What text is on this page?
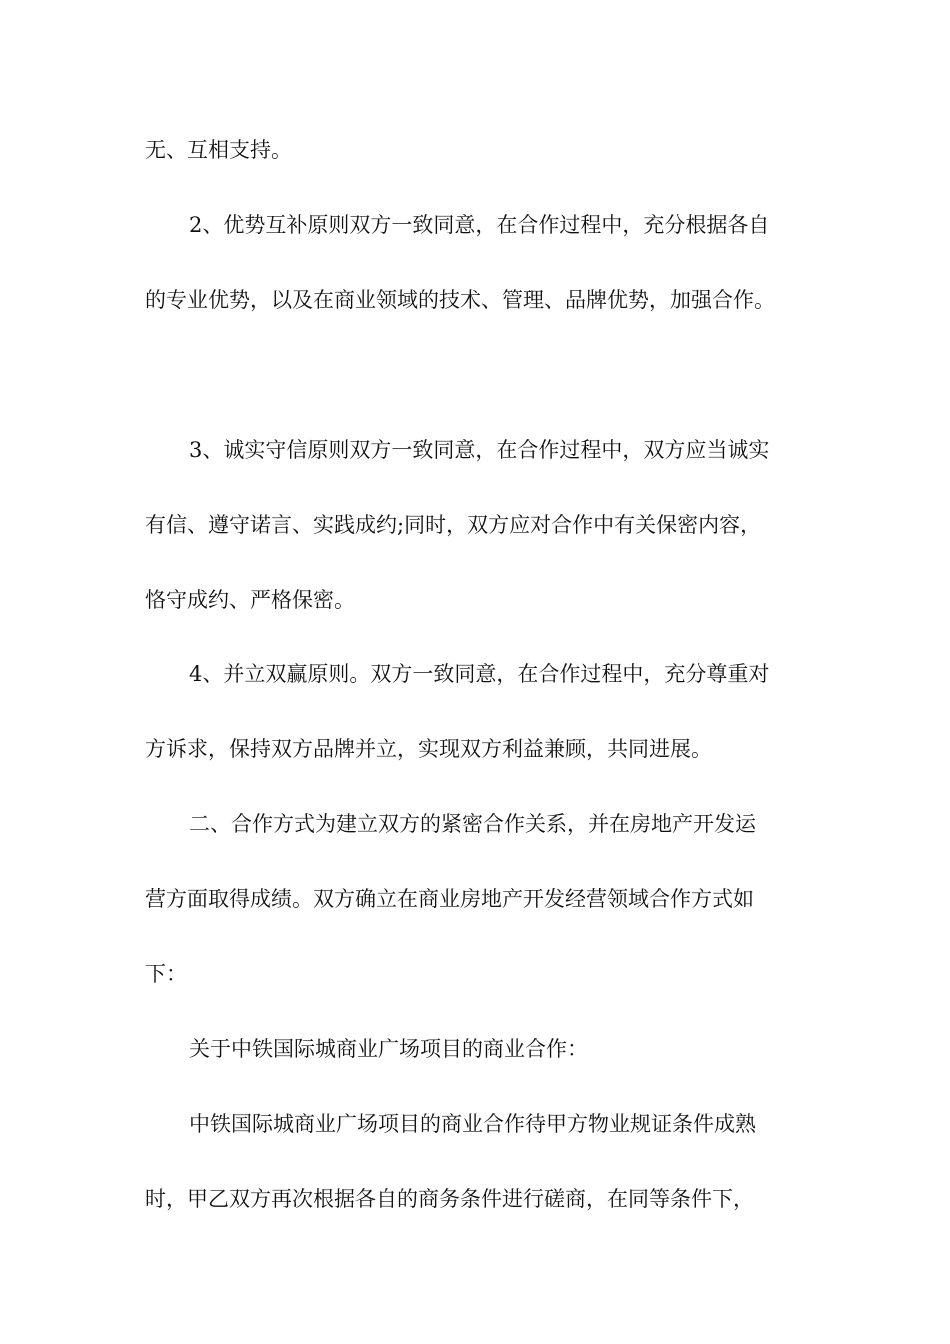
无、互相支持。
2、优势互补原则双方一致同意，在合作过程中，充分根据各自
的专业优势，以及在商业领域的技术、管理、品牌优势，加强合作。
3、诚实守信原则双方一致同意，在合作过程中，双方应当诚实
有信、遵守诺言、实践成约;同时，双方应对合作中有关保密内容，
恪守成约、严格保密。
4、并立双赢原则。双方一致同意，在合作过程中，充分尊重对
方诉求，保持双方品牌并立，实现双方利益兼顾，共同进展。
二、合作方式为建立双方的紧密合作关系，并在房地产开发运
营方面取得成绩。双方确立在商业房地产开发经营领域合作方式如
下：
关于中铁国际城商业广场项目的商业合作：
中铁国际城商业广场项目的商业合作待甲方物业规证条件成熟
时，甲乙双方再次根据各自的商务条件进行磋商，在同等条件下，
